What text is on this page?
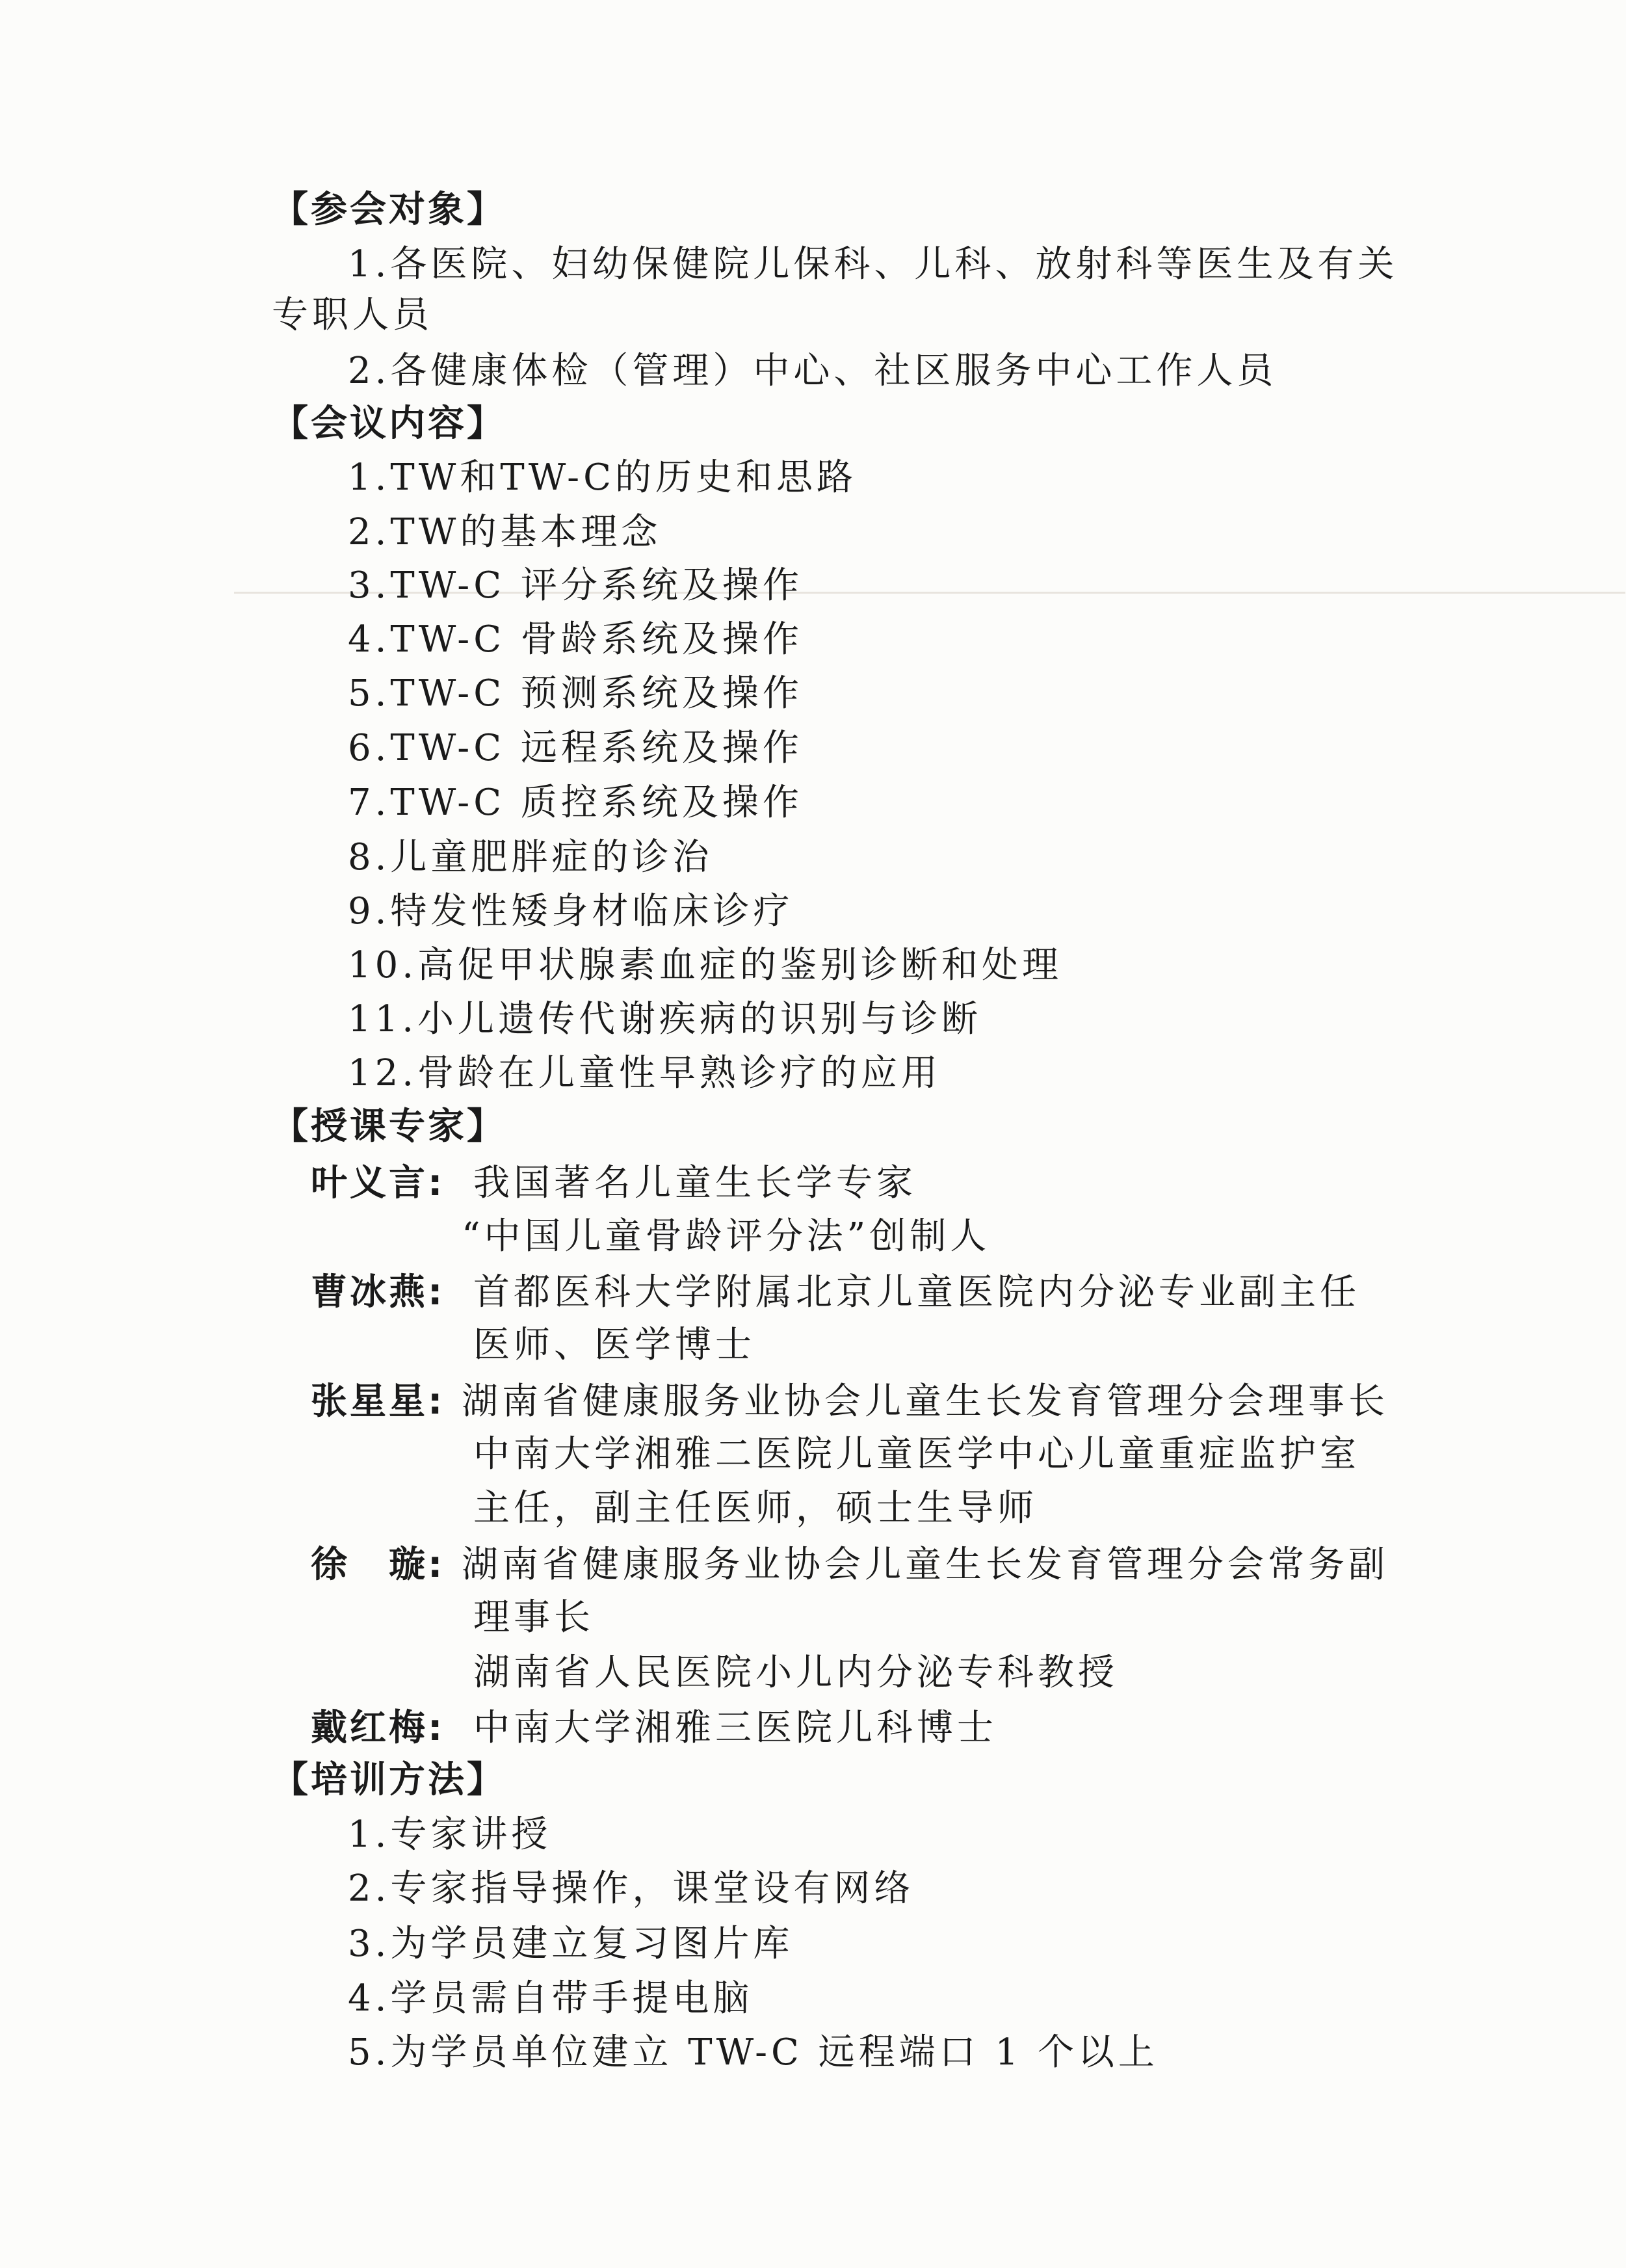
【参会对象】
1.各医院、妇幼保健院儿保科、儿科、放射科等医生及有关
专职人员
2.各健康体检（管理）中心、社区服务中心工作人员
【会议内容】
1.TW和TW-C的历史和思路
2.TW的基本理念
3.TW-C 评分系统及操作
4.TW-C 骨龄系统及操作
5.TW-C 预测系统及操作
6.TW-C 远程系统及操作
7.TW-C 质控系统及操作
8.儿童肥胖症的诊治
9.特发性矮身材临床诊疗
10.高促甲状腺素血症的鉴别诊断和处理
11.小儿遗传代谢疾病的识别与诊断
12.骨龄在儿童性早熟诊疗的应用
【授课专家】
叶义言: 我国著名儿童生长学专家
“中国儿童骨龄评分法”创制人
曹冰燕: 首都医科大学附属北京儿童医院内分泌专业副主任
医师、医学博士
张星星: 湖南省健康服务业协会儿童生长发育管理分会理事长
中南大学湘雅二医院儿童医学中心儿童重症监护室
主任，副主任医师，硕士生导师
徐　璇: 湖南省健康服务业协会儿童生长发育管理分会常务副
理事长
湖南省人民医院小儿内分泌专科教授
戴红梅: 中南大学湘雅三医院儿科博士
【培训方法】
1.专家讲授
2.专家指导操作，课堂设有网络
3.为学员建立复习图片库
4.学员需自带手提电脑
5.为学员单位建立 TW-C 远程端口 1 个以上
